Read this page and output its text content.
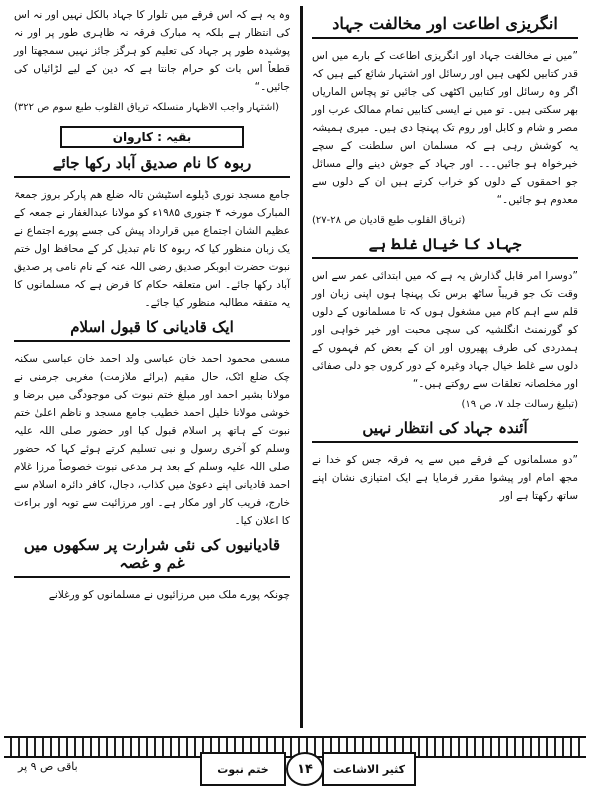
انگریزی اطاعت اور مخالفت جہاد

”میں نے مخالفت جہاد اور انگریزی اطاعت کے بارے میں اس قدر کتابیں لکھی ہیں اور رسائل اور اشتہار شائع کیے ہیں کہ اگر وہ رسائل اور کتابیں اکٹھی کی جائیں تو پچاس الماریاں بھر سکتی ہیں۔ تو میں نے ایسی کتابیں تمام ممالک عرب اور مصر و شام و کابل اور روم تک پہنچا دی ہیں۔ میری ہمیشہ یہ کوشش رہی ہے کہ مسلمان اس سلطنت کے سچے خیرخواہ ہو جائیں۔۔۔ اور جہاد کے جوش دینے والے مسائل جو احمقوں کے دلوں کو خراب کرتے ہیں ان کے دلوں سے معدوم ہو جائیں۔“

(تریاق القلوب طبع قادیان ص ۲۸-۲۷)

جہاد کا خیال غلط ہے

”دوسرا امر قابل گذارش یہ ہے کہ میں ابتدائی عمر سے اس وقت تک جو قریباً ساٹھ برس تک پہنچا ہوں اپنی زبان اور قلم سے اہم کام میں مشغول ہوں کہ تا مسلمانوں کے دلوں کو گورنمنٹ انگلشیہ کی سچی محبت اور خیر خواہی اور ہمدردی کی طرف پھیروں اور ان کے بعض کم فہموں کے دلوں سے غلط خیال جہاد وغیرہ کے دور کروں جو دلی صفائی اور مخلصانہ تعلقات سے روکتے ہیں۔“

(تبلیغ رسالت جلد ۷، ص ۱۹)

آئندہ جہاد کی انتظار نہیں

”دو مسلمانوں کے فرقے میں سے یہ فرقہ جس کو خدا نے مجھ امام اور پیشوا مقرر فرمایا ہے ایک امتیازی نشان اپنے ساتھ رکھتا ہے اور

وہ یہ ہے کہ اس فرقے میں تلوار کا جہاد بالکل نہیں اور نہ اس کی انتظار ہے بلکہ یہ مبارک فرقہ نہ ظاہری طور پر اور نہ پوشیدہ طور پر جہاد کی تعلیم کو ہرگز جائز نہیں سمجھتا اور قطعاً اس بات کو حرام جانتا ہے کہ دین کے لیے لڑائیاں کی جائیں۔“

(اشتہار واجب الاظہار منسلکہ تریاق القلوب طبع سوم ص ۳۲۲)

بقیہ : کاروان
ربوہ کا نام صدیق آباد رکھا جائے

جامع مسجد نوری ڈیلوے اسٹیشن تالہ ضلع ھم پارکر بروز جمعۃ المبارک مورخہ ۴ جنوری ۱۹۸۵ء کو مولانا عبدالغفار نے جمعہ کے عظیم الشان اجتماع میں قرارداد پیش کی جسے پورے اجتماع نے یک زبان منظور کیا کہ ربوہ کا نام تبدیل کر کے محافظ اول ختم نبوت حضرت ابوبکر صدیق رضی اللہ عنہ کے نام نامی پر صدیق آباد رکھا جائے۔ اس متعلقہ حکام کا فرض ہے کہ مسلمانوں کا یہ متفقہ مطالبہ منظور کیا جائے۔

ایک قادیانی کا قبول اسلام

مسمی محمود احمد خان عباسی ولد احمد خان عباسی سکنہ چک ضلع اٹک، حال مقیم (برائے ملازمت) مغربی جرمنی نے مولانا بشیر احمد اور مبلغ ختم نبوت کی موجودگی میں برضا و خوشی مولانا خلیل احمد خطیب جامع مسجد و ناظم اعلیٰ ختم نبوت کے ہاتھ پر اسلام قبول کیا اور حضور صلی اللہ علیہ وسلم کو آخری رسول و نبی تسلیم کرتے ہوئے کہا کہ حضور صلی اللہ علیہ وسلم کے بعد ہر مدعی نبوت خصوصاً مرزا غلام احمد قادیانی اپنے دعویٰ میں کذاب، دجال، کافر دائرہ اسلام سے خارج، فریب کار اور مکار ہے۔ اور مرزائیت سے توبہ اور براءت کا اعلان کیا۔

قادیانیوں کی نئی شرارت پر سکھوں میں غم و غصہ

چونکہ پورے ملک میں مرزائیوں نے مسلمانوں کو ورغلانے

کثیر الاشاعت
۱۴
ختم نبوت
باقی ص ۹ پر
